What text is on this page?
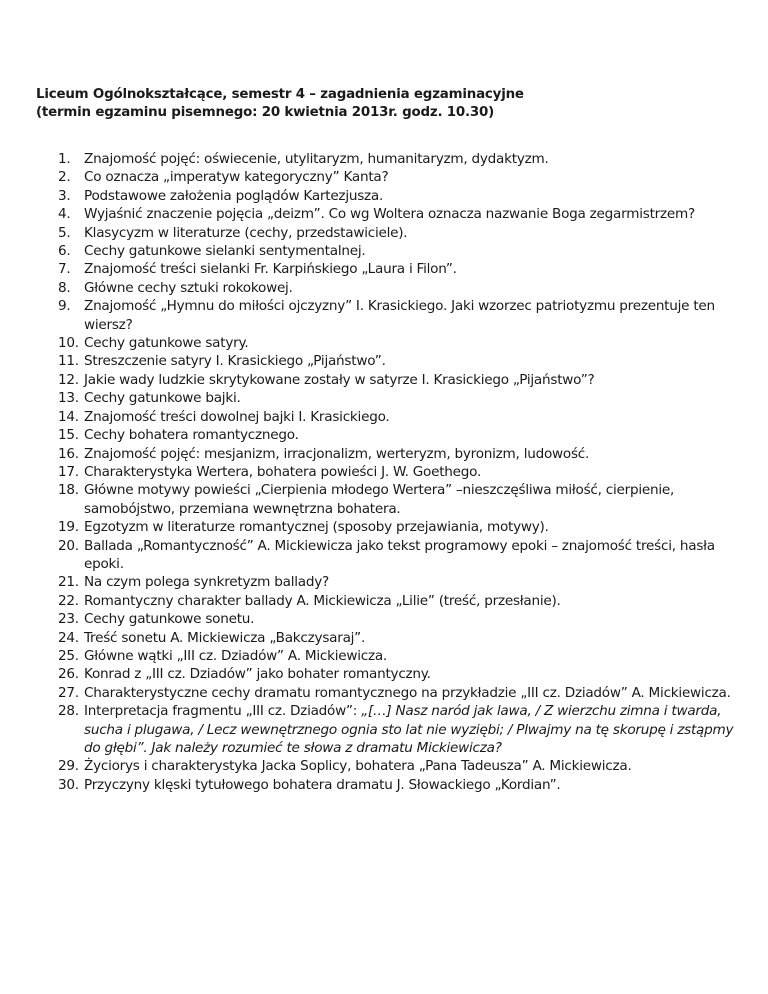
Liceum Ogólnokształcące, semestr 4 – zagadnienia egzaminacyjne
(termin egzaminu pisemnego: 20 kwietnia 2013r. godz. 10.30)
1. Znajomość pojęć: oświecenie, utylitaryzm, humanitaryzm, dydaktyzm.
2. Co oznacza „imperatyw kategoryczny” Kanta?
3. Podstawowe założenia poglądów Kartezjusza.
4. Wyjaśnić znaczenie pojęcia „deizm”. Co wg Woltera oznacza nazwanie Boga zegarmistrzem?
5. Klasycyzm w literaturze (cechy, przedstawiciele).
6. Cechy gatunkowe sielanki sentymentalnej.
7. Znajomość treści sielanki Fr. Karpińskiego „Laura i Filon”.
8. Główne cechy sztuki rokokowej.
9. Znajomość „Hymnu do miłości ojczyzny” I. Krasickiego. Jaki wzorzec patriotyzmu prezentuje ten wiersz?
10. Cechy gatunkowe satyry.
11. Streszczenie satyry I. Krasickiego „Pijaństwo”.
12. Jakie wady ludzkie skrytykowane zostały w satyrze I. Krasickiego „Pijaństwo”?
13. Cechy gatunkowe bajki.
14. Znajomość treści dowolnej bajki I. Krasickiego.
15. Cechy bohatera romantycznego.
16. Znajomość pojęć: mesjanizm, irracjonalizm, werteryzm, byronizm, ludowość.
17. Charakterystyka Wertera, bohatera powieści J. W. Goethego.
18. Główne motywy powieści „Cierpienia młodego Wertera” –nieszczęśliwa miłość, cierpienie, samobójstwo, przemiana wewnętrzna bohatera.
19. Egzotyzm w literaturze romantycznej (sposoby przejawiania, motywy).
20. Ballada „Romantyczność” A. Mickiewicza jako tekst programowy epoki – znajomość treści, hasła epoki.
21. Na czym polega synkretyzm ballady?
22. Romantyczny charakter ballady A. Mickiewicza „Lilie” (treść, przesłanie).
23. Cechy gatunkowe sonetu.
24. Treść sonetu A. Mickiewicza „Bakczysaraj”.
25. Główne wątki „III cz. Dziadów” A. Mickiewicza.
26. Konrad z „III cz. Dziadów” jako bohater romantyczny.
27. Charakterystyczne cechy dramatu romantycznego na przykładzie „III cz. Dziadów” A. Mickiewicza.
28. Interpretacja fragmentu „III cz. Dziadów”: „[…] Nasz naród jak lawa, / Z wierzchu zimna i twarda, sucha i plugawa, / Lecz wewnętrznego ognia sto lat nie wyziębi; / Plwajmy na tę skorupę i zstąpmy do głębi”. Jak należy rozumieć te słowa z dramatu Mickiewicza?
29. Życiorys i charakterystyka Jacka Soplicy, bohatera „Pana Tadeusza” A. Mickiewicza.
30. Przyczyny klęski tytułowego bohatera dramatu J. Słowackiego „Kordian”.
